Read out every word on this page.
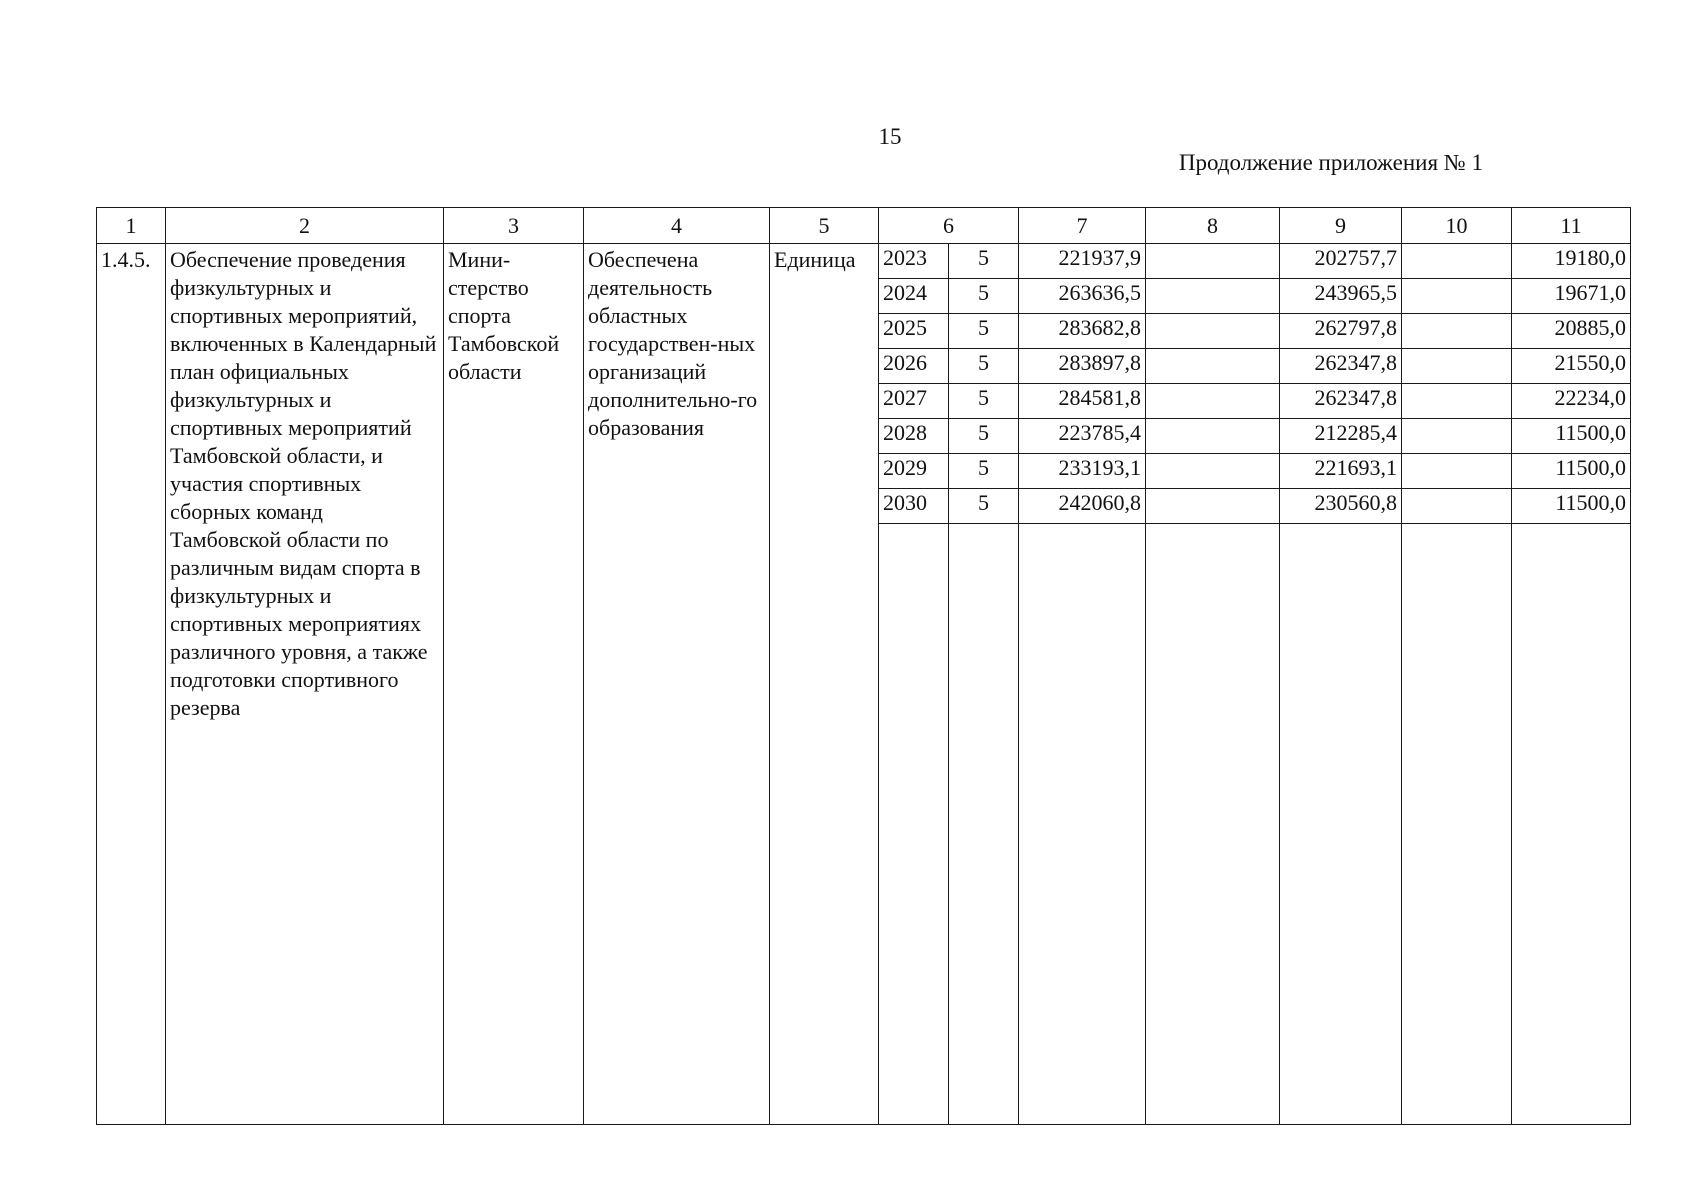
15
Продолжение приложения № 1
1	2	3	4	5	6		7	8	9	10	11
1.4.5.	Обеспечение проведения физкультурных и спортивных мероприятий, включенных в Календарный план официальных физкультурных и спортивных мероприятий Тамбовской области, и участия спортивных сборных команд Тамбовской области по различным видам спорта в физкультурных и спортивных мероприятиях различного уровня, а также подготовки спортивного резерва	Мини-стерство спорта Тамбовской области	Обеспечена деятельность областных государствен-ных организаций дополнительно-го образования	Единица	2023	5	221937,9		202757,7		19180,0
					2024	5	263636,5		243965,5		19671,0
					2025	5	283682,8		262797,8		20885,0
					2026	5	283897,8		262347,8		21550,0
					2027	5	284581,8		262347,8		22234,0
					2028	5	223785,4		212285,4		11500,0
					2029	5	233193,1		221693,1		11500,0
					2030	5	242060,8		230560,8		11500,0
